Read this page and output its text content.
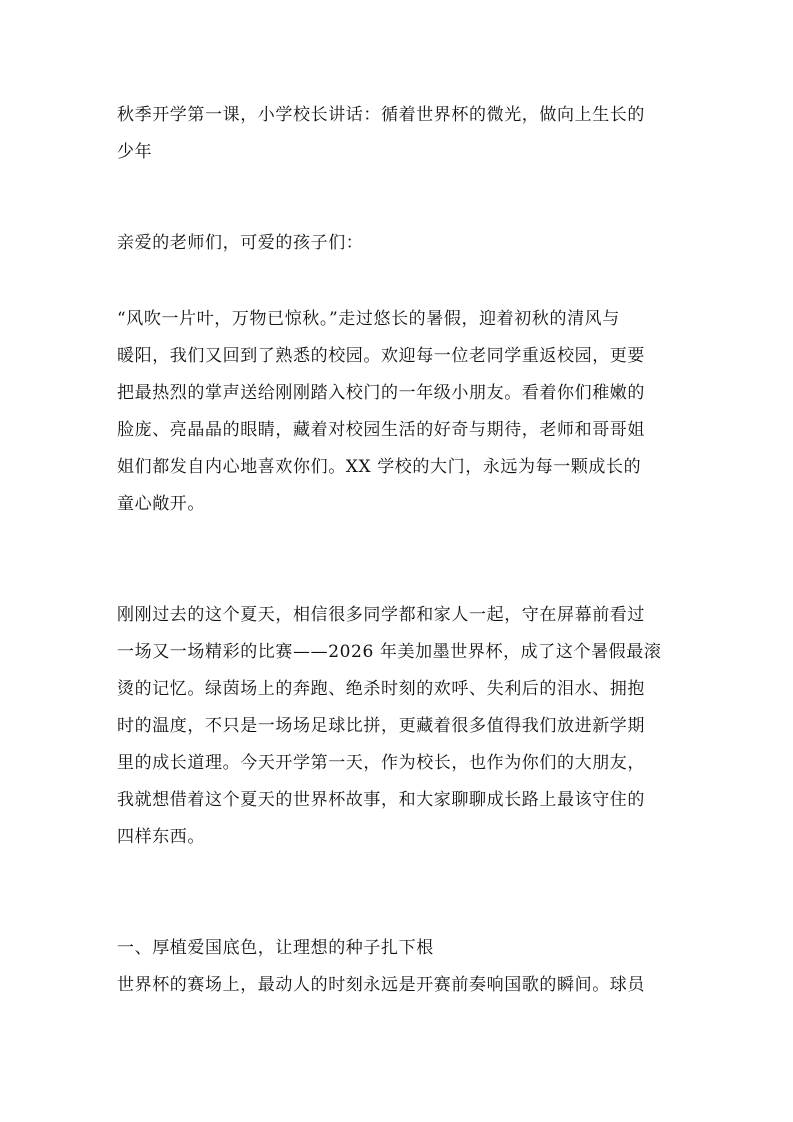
秋季开学第一课，小学校长讲话：循着世界杯的微光，做向上生长的
少年
亲爱的老师们，可爱的孩子们：
“风吹一片叶，万物已惊秋。”走过悠长的暑假，迎着初秋的清风与
暖阳，我们又回到了熟悉的校园。欢迎每一位老同学重返校园，更要
把最热烈的掌声送给刚刚踏入校门的一年级小朋友。看着你们稚嫩的
脸庞、亮晶晶的眼睛，藏着对校园生活的好奇与期待，老师和哥哥姐
姐们都发自内心地喜欢你们。XX 学校的大门，永远为每一颗成长的
童心敞开。
刚刚过去的这个夏天，相信很多同学都和家人一起，守在屏幕前看过
一场又一场精彩的比赛——2026 年美加墨世界杯，成了这个暑假最滚
烫的记忆。绿茵场上的奔跑、绝杀时刻的欢呼、失利后的泪水、拥抱
时的温度，不只是一场场足球比拼，更藏着很多值得我们放进新学期
里的成长道理。今天开学第一天，作为校长，也作为你们的大朋友，
我就想借着这个夏天的世界杯故事，和大家聊聊成长路上最该守住的
四样东西。
一、厚植爱国底色，让理想的种子扎下根
世界杯的赛场上，最动人的时刻永远是开赛前奏响国歌的瞬间。球员
